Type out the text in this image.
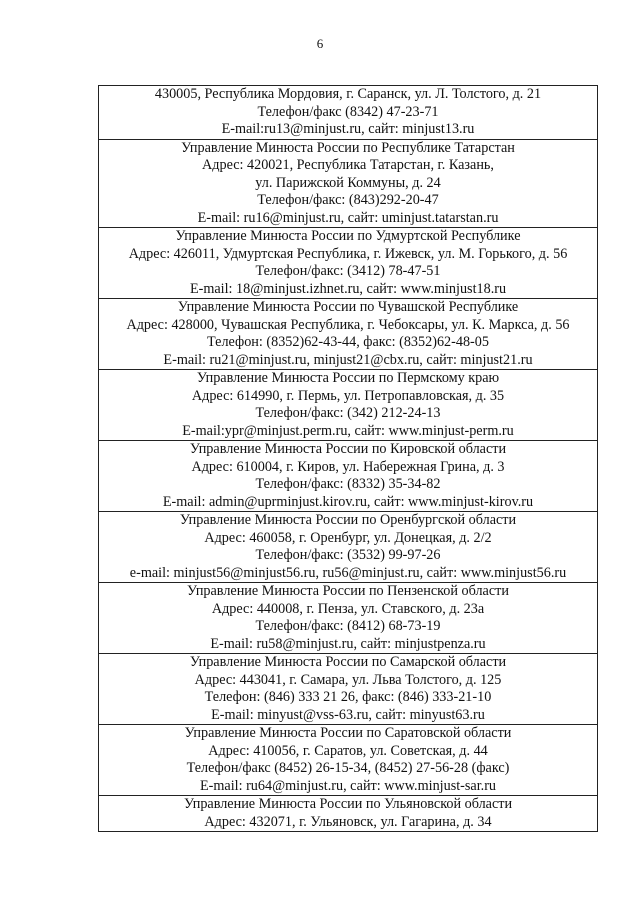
6
430005, Республика Мордовия, г. Саранск, ул. Л. Толстого, д. 21
Телефон/факс (8342) 47-23-71
E-mail:ru13@minjust.ru, сайт: minjust13.ru
Управление Минюста России по Республике Татарстан
Адрес: 420021, Республика Татарстан, г. Казань,
ул. Парижской Коммуны, д. 24
Телефон/факс: (843)292-20-47
E-mail: ru16@minjust.ru, сайт: uminjust.tatarstan.ru
Управление Минюста России по Удмуртской Республике
Адрес: 426011, Удмуртская Республика, г. Ижевск, ул. М. Горького, д. 56
Телефон/факс: (3412) 78-47-51
E-mail: 18@minjust.izhnet.ru, сайт: www.minjust18.ru
Управление Минюста России по Чувашской Республике
Адрес: 428000, Чувашская Республика, г. Чебоксары, ул. К. Маркса, д. 56
Телефон: (8352)62-43-44, факс: (8352)62-48-05
E-mail: ru21@minjust.ru, minjust21@cbx.ru, сайт: minjust21.ru
Управление Минюста России по Пермскому краю
Адрес: 614990, г. Пермь, ул. Петропавловская, д. 35
Телефон/факс: (342) 212-24-13
E-mail:ypr@minjust.perm.ru, сайт: www.minjust-perm.ru
Управление Минюста России по Кировской области
Адрес: 610004, г. Киров, ул. Набережная Грина, д. 3
Телефон/факс: (8332) 35-34-82
E-mail: admin@uprminjust.kirov.ru, сайт: www.minjust-kirov.ru
Управление Минюста России по Оренбургской области
Адрес: 460058, г. Оренбург, ул. Донецкая, д. 2/2
Телефон/факс: (3532) 99-97-26
e-mail: minjust56@minjust56.ru, ru56@minjust.ru, сайт: www.minjust56.ru
Управление Минюста России по Пензенской области
Адрес: 440008, г. Пенза, ул. Ставского, д. 23а
Телефон/факс: (8412) 68-73-19
E-mail: ru58@minjust.ru, сайт: minjustpenza.ru
Управление Минюста России по Самарской области
Адрес: 443041, г. Самара, ул. Льва Толстого, д. 125
Телефон: (846) 333 21 26, факс: (846) 333-21-10
E-mail: minyust@vss-63.ru, сайт: minyust63.ru
Управление Минюста России по Саратовской области
Адрес: 410056, г. Саратов, ул. Советская, д. 44
Телефон/факс (8452) 26-15-34, (8452) 27-56-28 (факс)
E-mail: ru64@minjust.ru, сайт: www.minjust-sar.ru
Управление Минюста России по Ульяновской области
Адрес: 432071, г. Ульяновск, ул. Гагарина, д. 34
